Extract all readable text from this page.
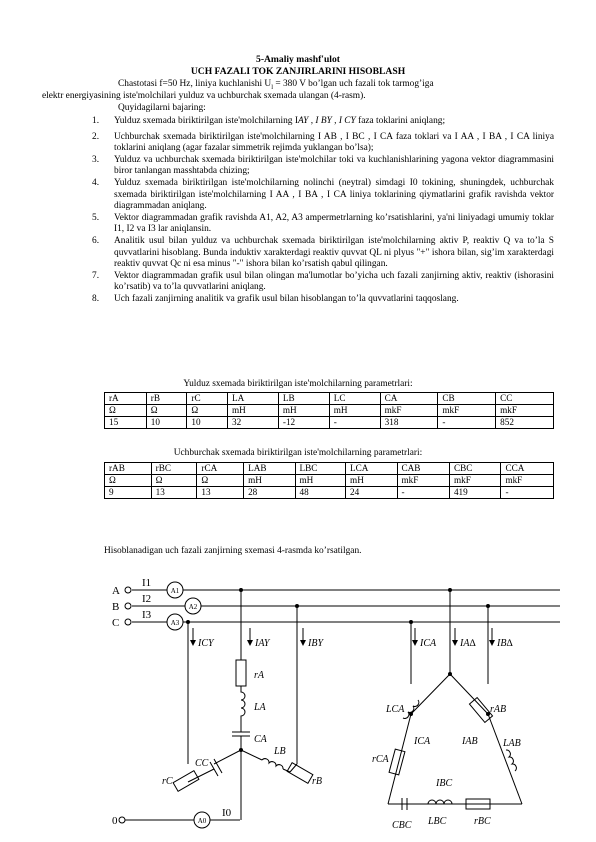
5-Amaliy mashf'ulot
UCH FAZALI TOK ZANJIRLARINI HISOBLASH
Chastotasi f=50 Hz, liniya kuchlanishi $U_l = 380$ V bo’lgan uch fazali tok tarmog’iga
elektr energiyasining iste'molchilari yulduz va uchburchak sxemada ulangan (4-rasm).
Quyidagilarni bajaring:
1. Yulduz sxemada biriktirilgan iste'molchilarning IAY , I BY , I CY faza toklarini aniqlang;
2. Uchburchak sxemada biriktirilgan iste'molchilarning I AB , I BC , I CA faza toklari va I AA , I BA , I CA liniya toklarini aniqlang (agar fazalar simmetrik rejimda yuklangan bo’lsa);
3. Yulduz va uchburchak sxemada biriktirilgan iste'molchilar toki va kuchlanishlarining yagona vektor diagrammasini biror tanlangan masshtabda chizing;
4. Yulduz sxemada biriktirilgan iste'molchilarning nolinchi (neytral) simdagi I0 tokining, shuningdek, uchburchak sxemada biriktirilgan iste'molchilarning I AA , I BA , I CA liniya toklarining qiymatlarini grafik ravishda vektor diagrammadan aniqlang.
5. Vektor diagrammadan grafik ravishda A1, A2, A3 ampermetrlarning ko’rsatishlarini, ya'ni liniyadagi umumiy toklar I1, I2 va I3 lar aniqlansin.
6. Analitik usul bilan yulduz va uchburchak sxemada biriktirilgan iste'molchilarning aktiv P, reaktiv Q va to’la S quvvatlarini hisoblang. Bunda induktiv xarakterdagi reaktiv quvvat QL ni plyus "+" ishora bilan, sig’im xarakterdagi reaktiv quvvat Qc ni esa minus "-" ishora bilan ko’rsatish qabul qilingan.
7. Vektor diagrammadan grafik usul bilan olingan ma'lumotlar bo’yicha uch fazali zanjirning aktiv, reaktiv (ishorasini ko’rsatib) va to’la quvvatlarini aniqlang.
8. Uch fazali zanjirning analitik va grafik usul bilan hisoblangan to’la quvvatlarini taqqoslang.
Yulduz sxemada biriktirilgan iste'molchilarning parametrlari:
rA	rB	rC	LA	LB	LC	CA	CB	CC
Ω	Ω	Ω	mH	mH	mH	mkF	mkF	mkF
15	10	10	32	-12	-	318	-	852
Uchburchak sxemada biriktirilgan iste'molchilarning parametrlari:
rAB	rBC	rCA	LAB	LBC	LCA	CAB	CBC	CCA
Ω	Ω	Ω	mH	mH	mH	mkF	mkF	mkF
9	13	13	28	48	24	-	419	-
Hisoblanadigan uch fazali zanjirning sxemasi 4-rasmda ko’rsatilgan.
A
B
C
0
I1
I2
I3
I0
A1
A2
A3
A0
ICY	IAY	IBY	ICA IA∆ IB∆
rA
LA
CA
CC
LB
rC	rB
LCA	rAB
ICA
rCA
IAB	LAB
IBC
CBC LBC	rBC
